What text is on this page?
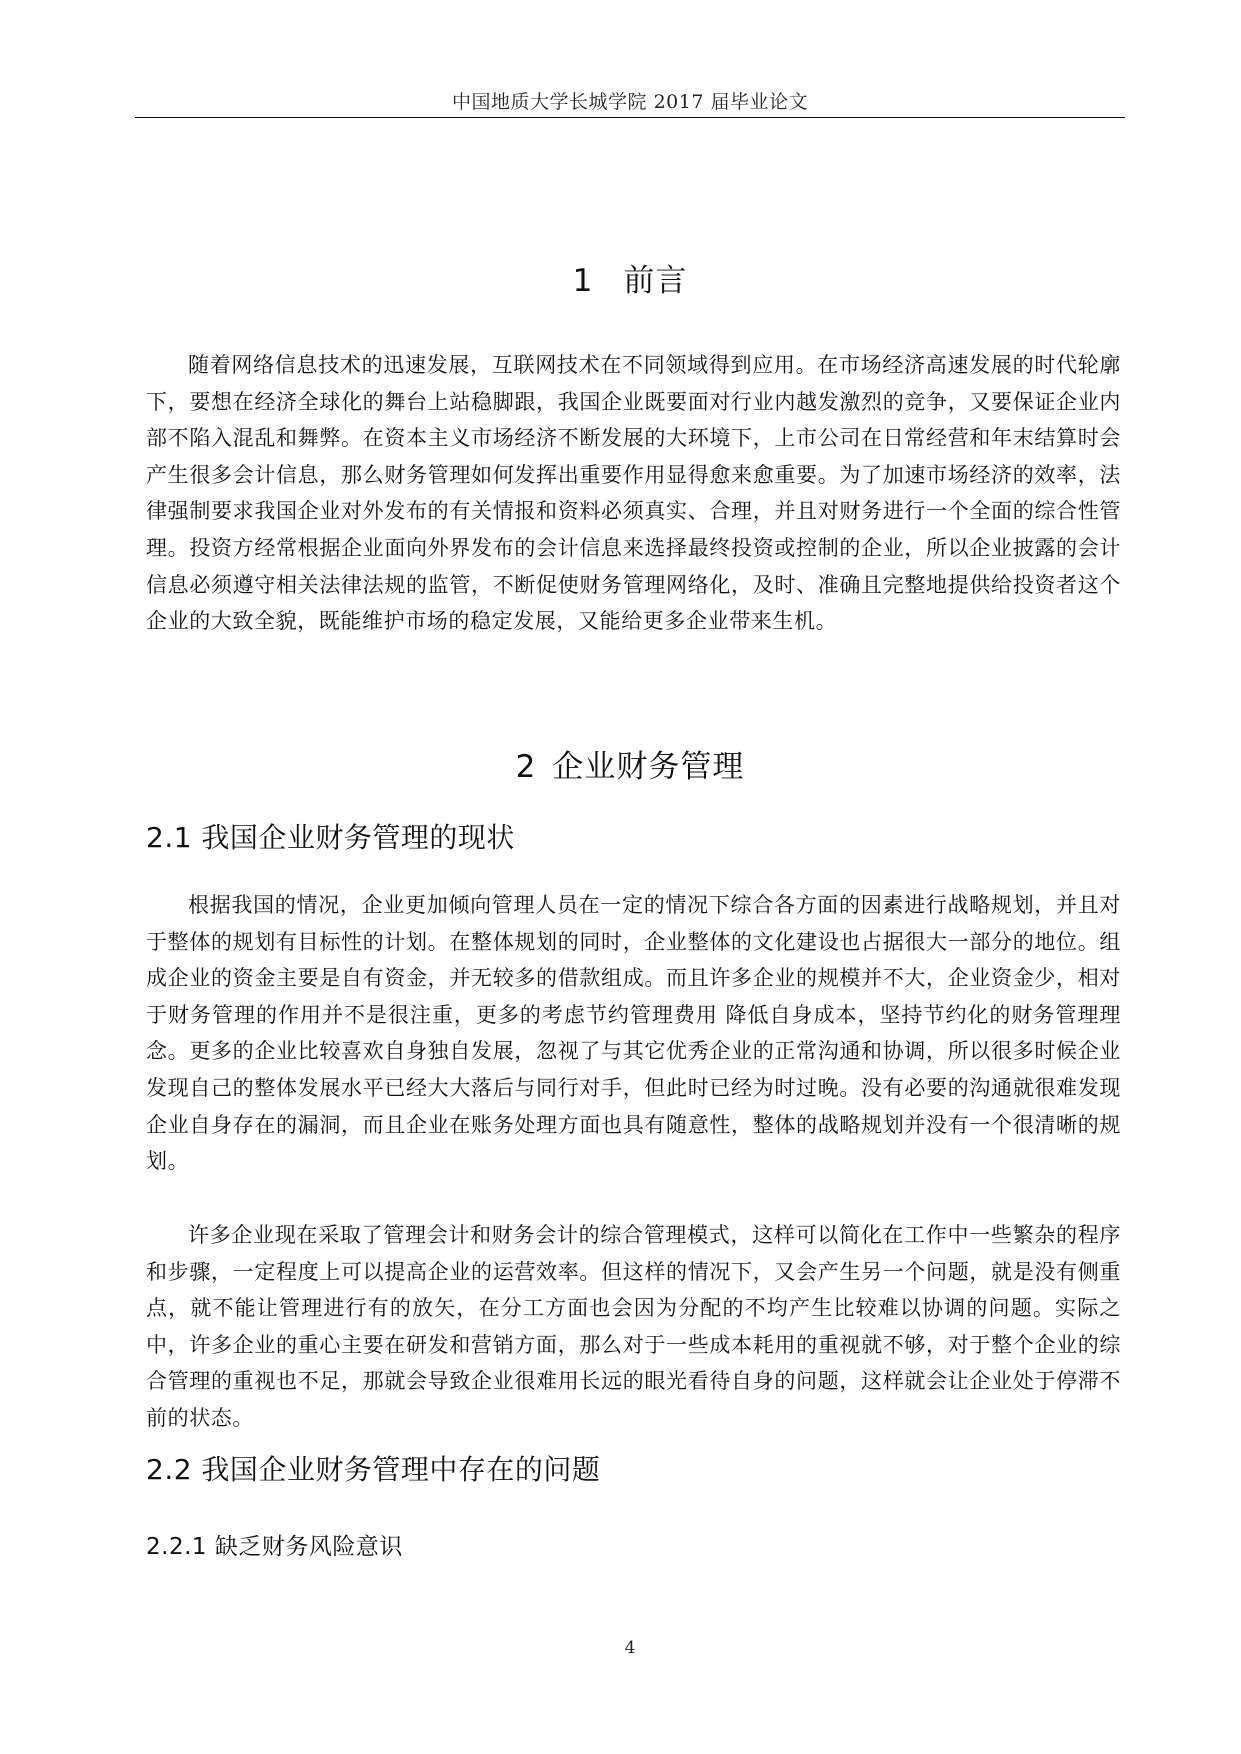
中国地质大学长城学院 2017 届毕业论文
1 前言

随着网络信息技术的迅速发展，互联网技术在不同领域得到应用。在市场经济高速发展的时代轮廓下，要想在经济全球化的舞台上站稳脚跟，我国企业既要面对行业内越发激烈的竞争，又要保证企业内部不陷入混乱和舞弊。在资本主义市场经济不断发展的大环境下，上市公司在日常经营和年末结算时会产生很多会计信息，那么财务管理如何发挥出重要作用显得愈来愈重要。为了加速市场经济的效率，法律强制要求我国企业对外发布的有关情报和资料必须真实、合理，并且对财务进行一个全面的综合性管理。投资方经常根据企业面向外界发布的会计信息来选择最终投资或控制的企业，所以企业披露的会计信息必须遵守相关法律法规的监管，不断促使财务管理网络化，及时、准确且完整地提供给投资者这个企业的大致全貌，既能维护市场的稳定发展，又能给更多企业带来生机。

2 企业财务管理
2.1 我国企业财务管理的现状

根据我国的情况，企业更加倾向管理人员在一定的情况下综合各方面的因素进行战略规划，并且对于整体的规划有目标性的计划。在整体规划的同时，企业整体的文化建设也占据很大一部分的地位。组成企业的资金主要是自有资金，并无较多的借款组成。而且许多企业的规模并不大，企业资金少，相对于财务管理的作用并不是很注重，更多的考虑节约管理费用 降低自身成本，坚持节约化的财务管理理念。更多的企业比较喜欢自身独自发展，忽视了与其它优秀企业的正常沟通和协调，所以很多时候企业发现自己的整体发展水平已经大大落后与同行对手，但此时已经为时过晚。没有必要的沟通就很难发现企业自身存在的漏洞，而且企业在账务处理方面也具有随意性，整体的战略规划并没有一个很清晰的规划。

许多企业现在采取了管理会计和财务会计的综合管理模式，这样可以简化在工作中一些繁杂的程序和步骤，一定程度上可以提高企业的运营效率。但这样的情况下，又会产生另一个问题，就是没有侧重点，就不能让管理进行有的放矢，在分工方面也会因为分配的不均产生比较难以协调的问题。实际之中，许多企业的重心主要在研发和营销方面，那么对于一些成本耗用的重视就不够，对于整个企业的综合管理的重视也不足，那就会导致企业很难用长远的眼光看待自身的问题，这样就会让企业处于停滞不前的状态。

2.2 我国企业财务管理中存在的问题
2.2.1 缺乏财务风险意识
4
